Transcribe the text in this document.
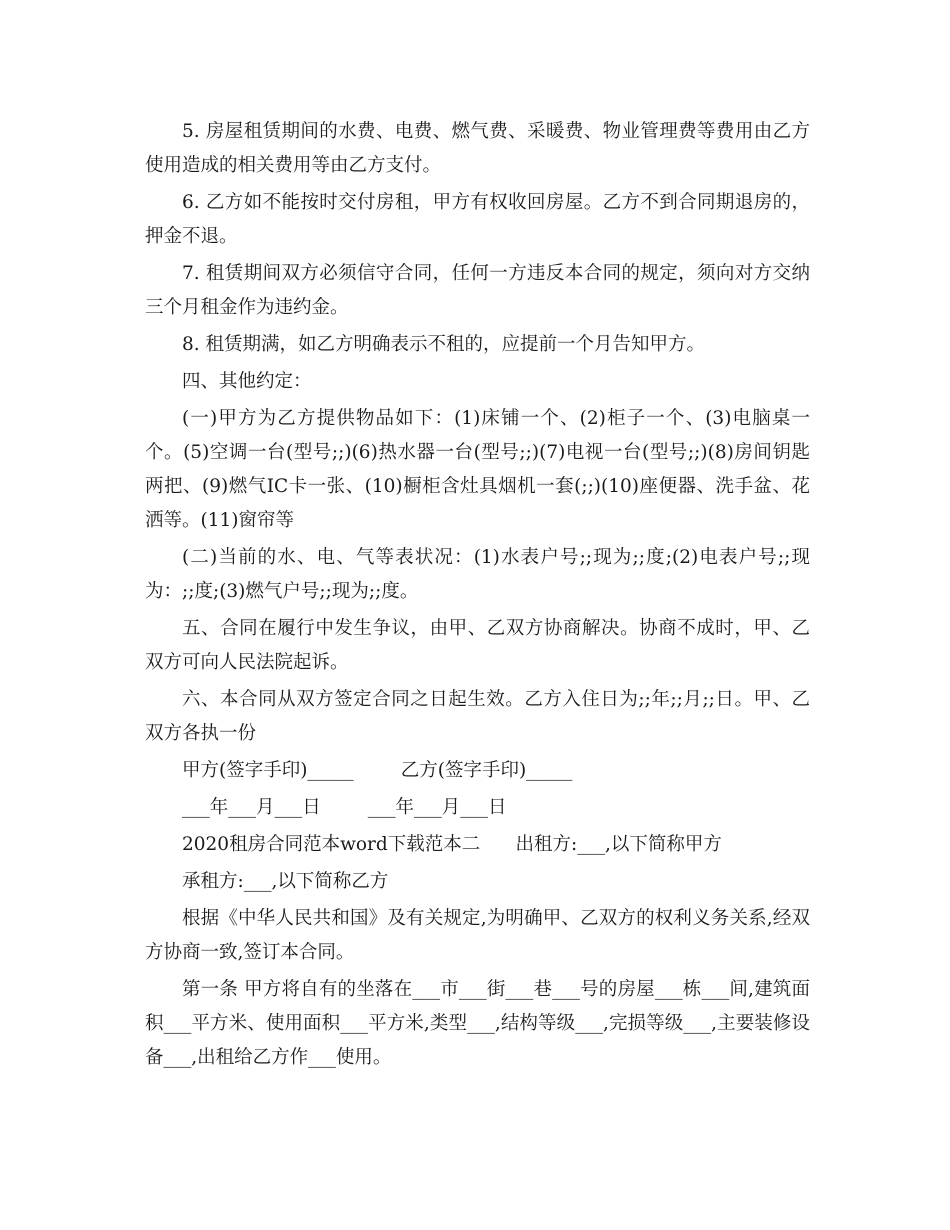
5. 房屋租赁期间的水费、电费、燃气费、采暖费、物业管理费等费用由乙方使用造成的相关费用等由乙方支付。

6. 乙方如不能按时交付房租，甲方有权收回房屋。乙方不到合同期退房的，押金不退。

7. 租赁期间双方必须信守合同，任何一方违反本合同的规定，须向对方交纳三个月租金作为违约金。

8. 租赁期满，如乙方明确表示不租的，应提前一个月告知甲方。

四、其他约定：

(一)甲方为乙方提供物品如下：(1)床铺一个、(2)柜子一个、(3)电脑桌一个。(5)空调一台(型号;;)(6)热水器一台(型号;;)(7)电视一台(型号;;)(8)房间钥匙两把、(9)燃气IC卡一张、(10)橱柜含灶具烟机一套(;;)(10)座便器、洗手盆、花洒等。(11)窗帘等

(二)当前的水、电、气等表状况：(1)水表户号;;现为;;度;(2)电表户号;;现为：;;度;(3)燃气户号;;现为;;度。

五、合同在履行中发生争议，由甲、乙双方协商解决。协商不成时，甲、乙双方可向人民法院起诉。

六、本合同从双方签定合同之日起生效。乙方入住日为;;年;;月;;日。甲、乙双方各执一份

甲方(签字手印)_____        乙方(签字手印)_____

___年___月___日        ___年___月___日

2020租房合同范本word下载范本二      出租方:___,以下简称甲方

承租方:___,以下简称乙方

根据《中华人民共和国》及有关规定,为明确甲、乙双方的权利义务关系,经双方协商一致,签订本合同。

第一条 甲方将自有的坐落在___市___街___巷___号的房屋___栋___间,建筑面积___平方米、使用面积___平方米,类型___,结构等级___,完损等级___,主要装修设备___,出租给乙方作___使用。
